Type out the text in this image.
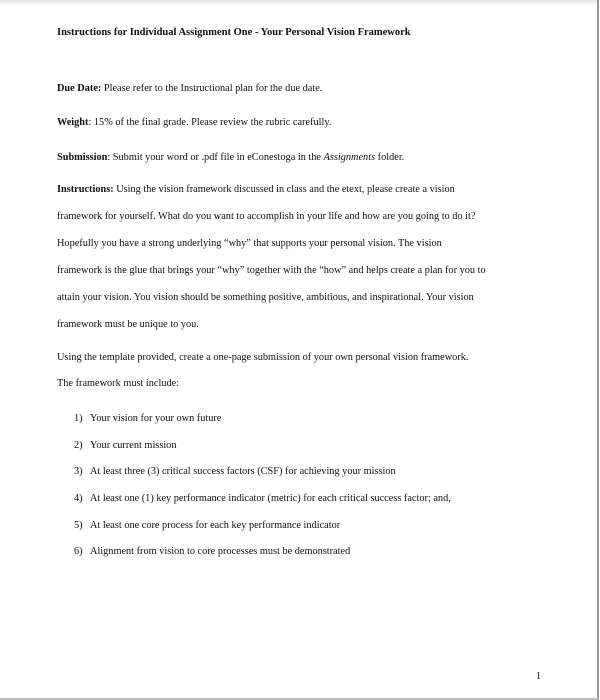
Instructions for Individual Assignment One - Your Personal Vision Framework
Due Date: Please refer to the Instructional plan for the due date.
Weight: 15% of the final grade. Please review the rubric carefully.
Submission: Submit your word or .pdf file in eConestoga in the Assignments folder.
Instructions: Using the vision framework discussed in class and the etext, please create a vision
framework for yourself. What do you want to accomplish in your life and how are you going to do it?
Hopefully you have a strong underlying “why” that supports your personal vision. The vision
framework is the glue that brings your “why” together with the “how” and helps create a plan for you to
attain your vision. You vision should be something positive, ambitious, and inspirational. Your vision
framework must be unique to you.
Using the template provided, create a one-page submission of your own personal vision framework.
The framework must include:
1) Your vision for your own future
2) Your current mission
3) At least three (3) critical success factors (CSF) for achieving your mission
4) At least one (1) key performance indicator (metric) for each critical success factor; and,
5) At least one core process for each key performance indicator
6) Alignment from vision to core processes must be demonstrated
1
